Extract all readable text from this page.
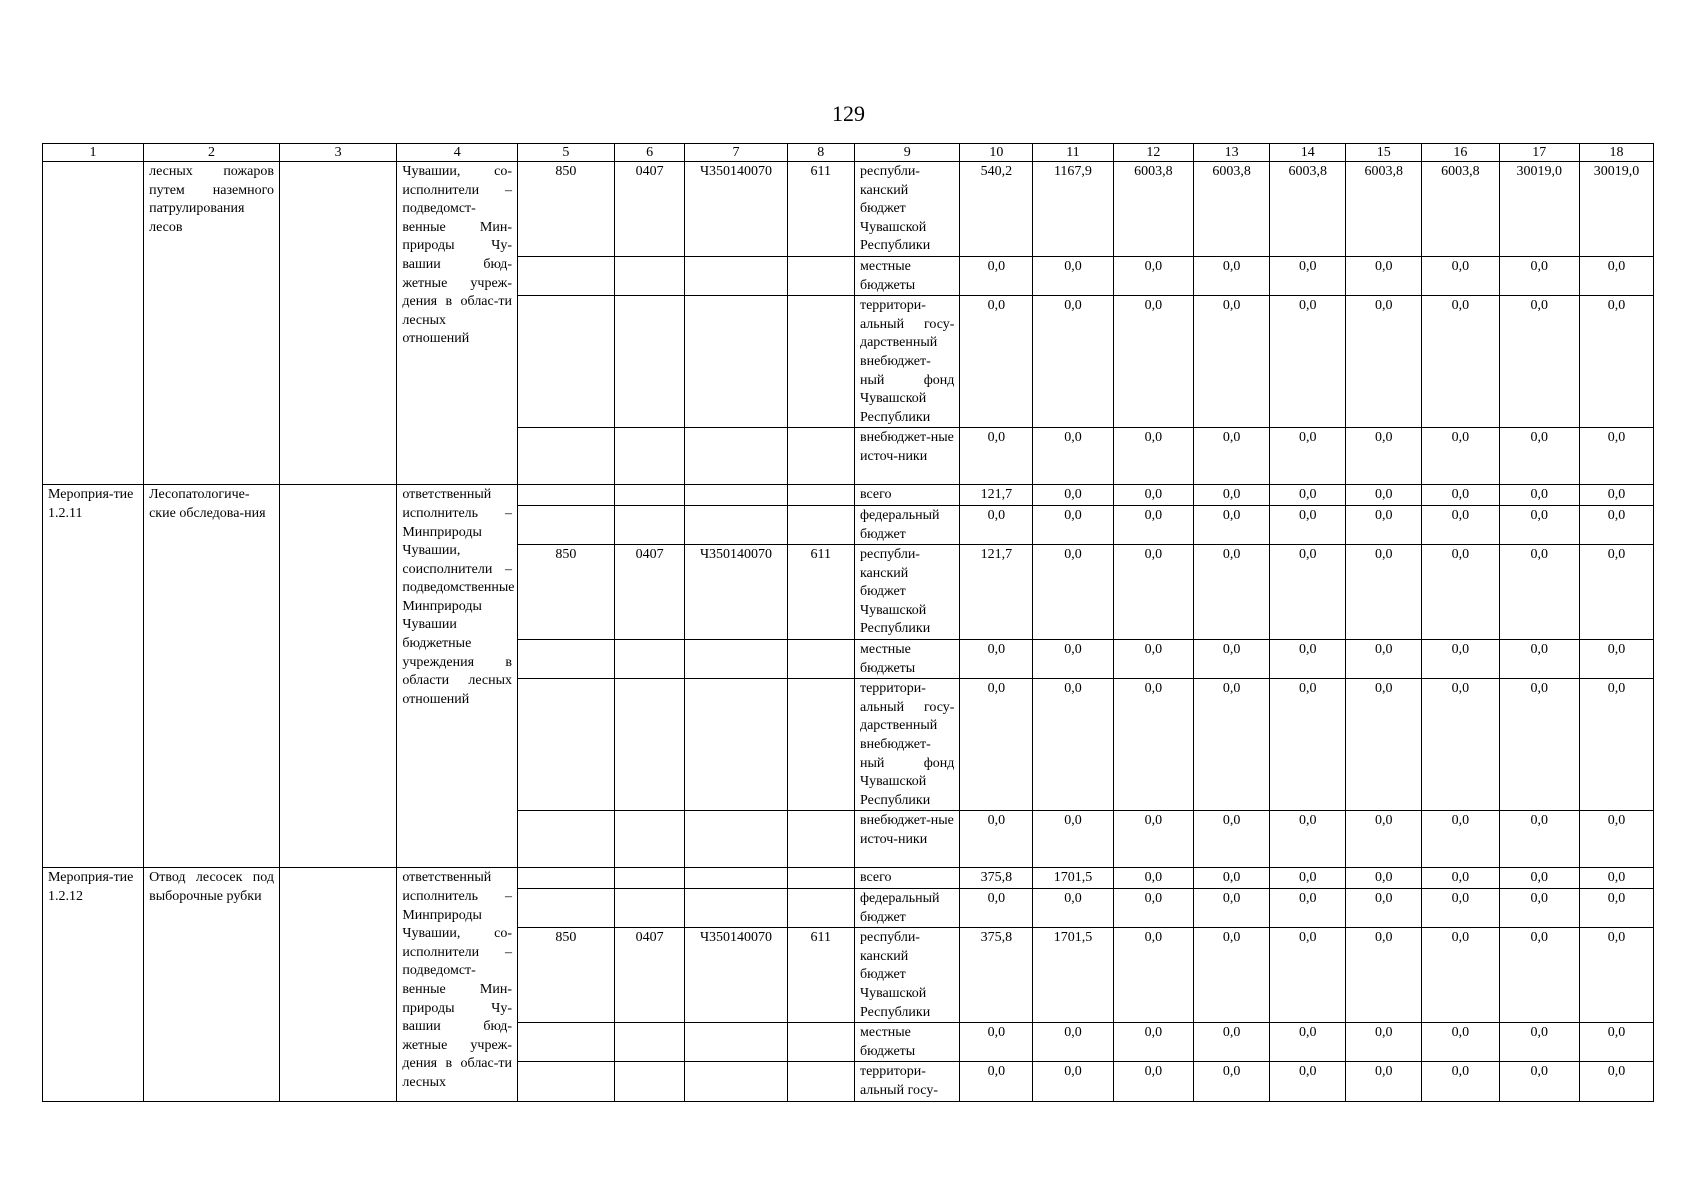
129
1	2	3	4	5	6	7	8	9	10	11	12	13	14	15	16	17	18
	лесных пожаров путем наземного патрулирования лесов		Чувашии, со-исполнители – подведомст-венные Мин-природы Чу-вашии бюд-жетные учреж-дения в облас-ти лесных отношений	850	0407	Ч350140070	611	республи-канский бюджет Чувашской Республики	540,2	1167,9	6003,8	6003,8	6003,8	6003,8	6003,8	30019,0	30019,0
								местные бюджеты	0,0	0,0	0,0	0,0	0,0	0,0	0,0	0,0	0,0
								территори-альный госу-дарственный внебюджет-ный фонд Чувашской Республики	0,0	0,0	0,0	0,0	0,0	0,0	0,0	0,0	0,0
								внебюджет-ные источ-ники	0,0	0,0	0,0	0,0	0,0	0,0	0,0	0,0	0,0
Мероприя-тие 1.2.11	Лесопатологиче-ские обследова-ния		ответственный исполнитель – Минприроды Чувашии, соисполнители – подведомственные Минприроды Чувашии бюджетные учреждения в области лесных отношений					всего	121,7	0,0	0,0	0,0	0,0	0,0	0,0	0,0	0,0
								федеральный бюджет	0,0	0,0	0,0	0,0	0,0	0,0	0,0	0,0	0,0
				850	0407	Ч350140070	611	республи-канский бюджет Чувашской Республики	121,7	0,0	0,0	0,0	0,0	0,0	0,0	0,0	0,0
								местные бюджеты	0,0	0,0	0,0	0,0	0,0	0,0	0,0	0,0	0,0
								территори-альный госу-дарственный внебюджет-ный фонд Чувашской Республики	0,0	0,0	0,0	0,0	0,0	0,0	0,0	0,0	0,0
								внебюджет-ные источ-ники	0,0	0,0	0,0	0,0	0,0	0,0	0,0	0,0	0,0
Мероприя-тие 1.2.12	Отвод лесосек под выборочные рубки		ответственный исполнитель – Минприроды Чувашии, со-исполнители – подведомст-венные Мин-природы Чу-вашии бюд-жетные учреж-дения в облас-ти лесных					всего	375,8	1701,5	0,0	0,0	0,0	0,0	0,0	0,0	0,0
								федеральный бюджет	0,0	0,0	0,0	0,0	0,0	0,0	0,0	0,0	0,0
				850	0407	Ч350140070	611	республи-канский бюджет Чувашской Республики	375,8	1701,5	0,0	0,0	0,0	0,0	0,0	0,0	0,0
								местные бюджеты	0,0	0,0	0,0	0,0	0,0	0,0	0,0	0,0	0,0
								территори-альный госу-	0,0	0,0	0,0	0,0	0,0	0,0	0,0	0,0	0,0
